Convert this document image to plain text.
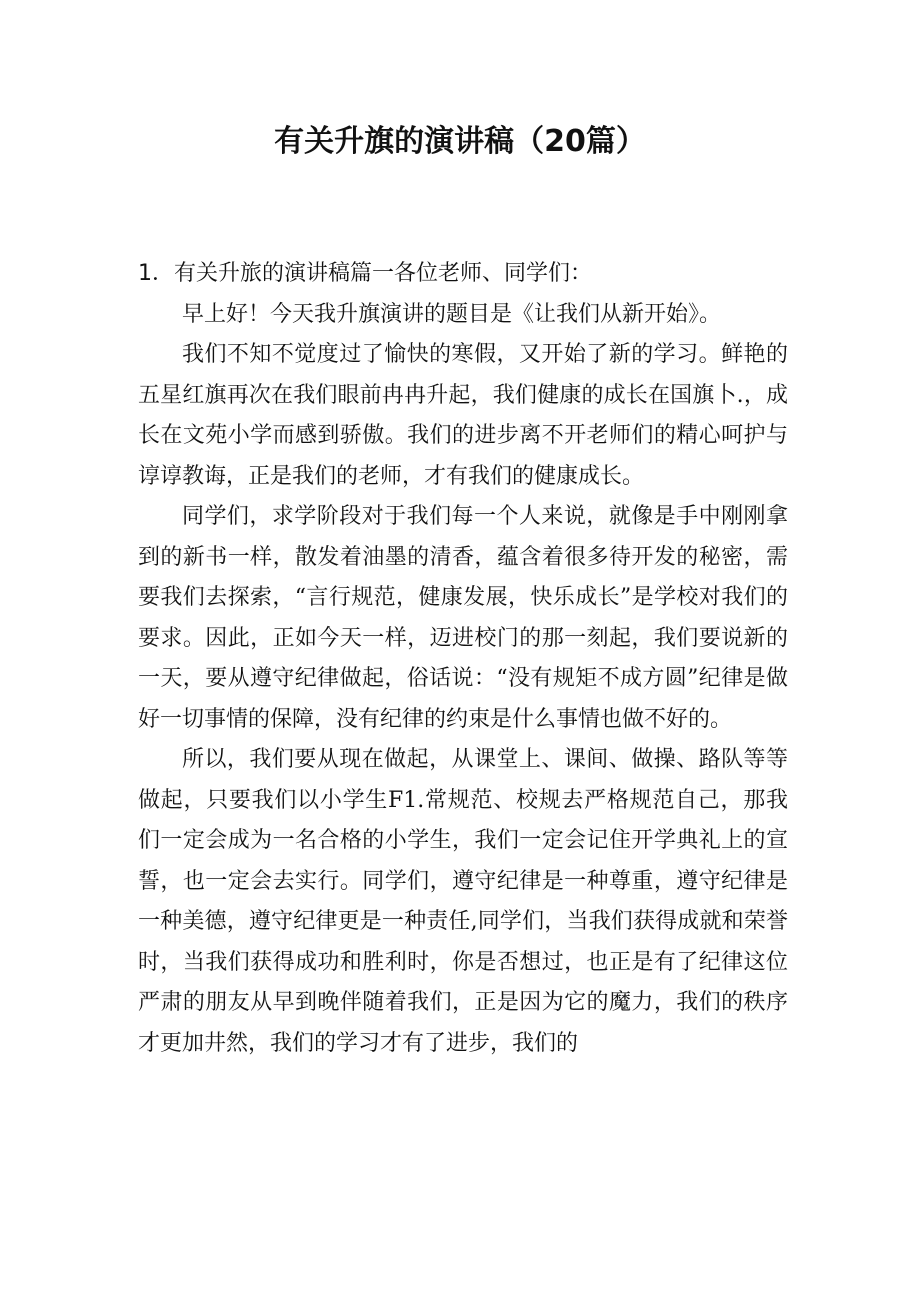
有关升旗的演讲稿（20篇）

1．有关升旅的演讲稿篇一各位老师、同学们：

早上好！今天我升旗演讲的题目是《让我们从新开始》。

我们不知不觉度过了愉快的寒假，又开始了新的学习。鲜艳的五星红旗再次在我们眼前冉冉升起，我们健康的成长在国旗卜.，成长在文苑小学而感到骄傲。我们的进步离不开老师们的精心呵护与谆谆教诲，正是我们的老师，才有我们的健康成长。

同学们，求学阶段对于我们每一个人来说，就像是手中刚刚拿到的新书一样，散发着油墨的清香，蕴含着很多待开发的秘密，需要我们去探索，“言行规范，健康发展，快乐成长”是学校对我们的要求。因此，正如今天一样，迈进校门的那一刻起，我们要说新的一天，要从遵守纪律做起，俗话说：“没有规矩不成方圆”纪律是做好一切事情的保障，没有纪律的约束是什么事情也做不好的。

所以，我们要从现在做起，从课堂上、课间、做操、路队等等做起，只要我们以小学生F1.常规范、校规去严格规范自己，那我们一定会成为一名合格的小学生，我们一定会记住开学典礼上的宣誓，也一定会去实行。同学们，遵守纪律是一种尊重，遵守纪律是一种美德，遵守纪律更是一种责任,同学们，当我们获得成就和荣誉时，当我们获得成功和胜利时，你是否想过，也正是有了纪律这位严肃的朋友从早到晚伴随着我们，正是因为它的魔力，我们的秩序才更加井然，我们的学习才有了进步，我们的
